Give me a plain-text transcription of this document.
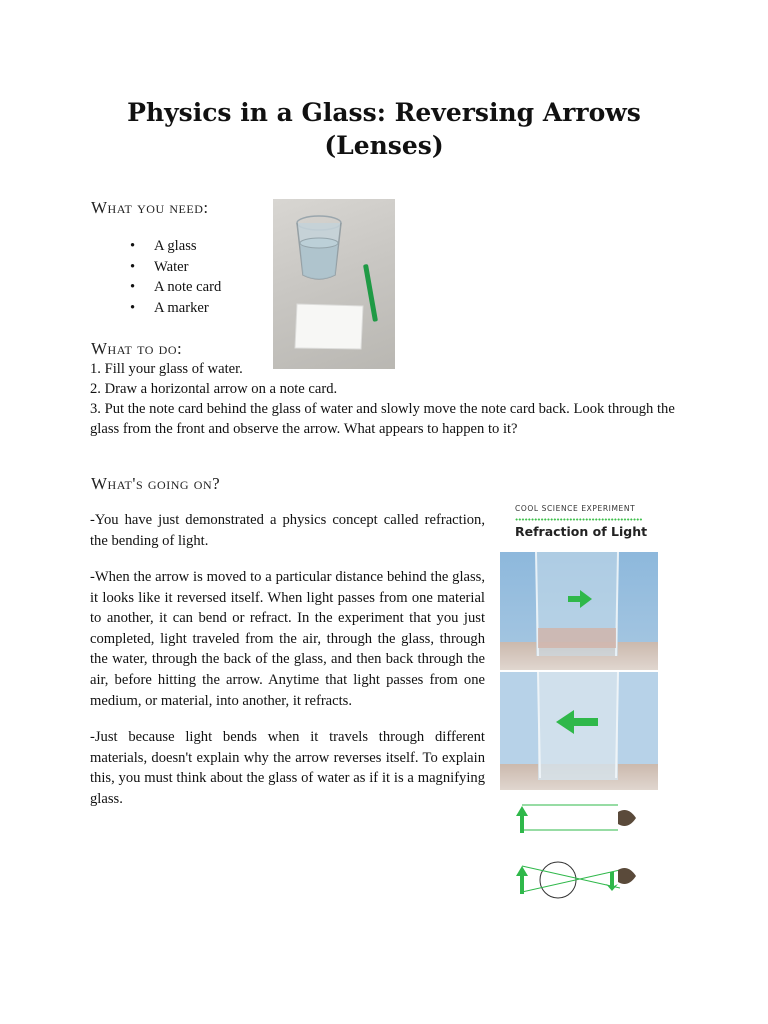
Physics in a Glass: Reversing Arrows (Lenses)
What you need:
• A glass
• Water
• A note card
• A marker
What to do:
1. Fill your glass of water.
2. Draw a horizontal arrow on a note card.
3. Put the note card behind the glass of water and slowly move the note card back. Look through the glass from the front and observe the arrow. What appears to happen to it?
What's going on?

-You have just demonstrated a physics concept called refraction, the bending of light.

-When the arrow is moved to a particular distance behind the glass, it looks like it reversed itself. When light passes from one material to another, it can bend or refract. In the experiment that you just completed, light traveled from the air, through the glass, through the water, through the back of the glass, and then back through the air, before hitting the arrow. Anytime that light passes from one medium, or material, into another, it refracts.

-Just because light bends when it travels through different materials, doesn't explain why the arrow reverses itself. To explain this, you must think about the glass of water as if it is a magnifying glass.

COOL SCIENCE EXPERIMENT
Refraction of Light
